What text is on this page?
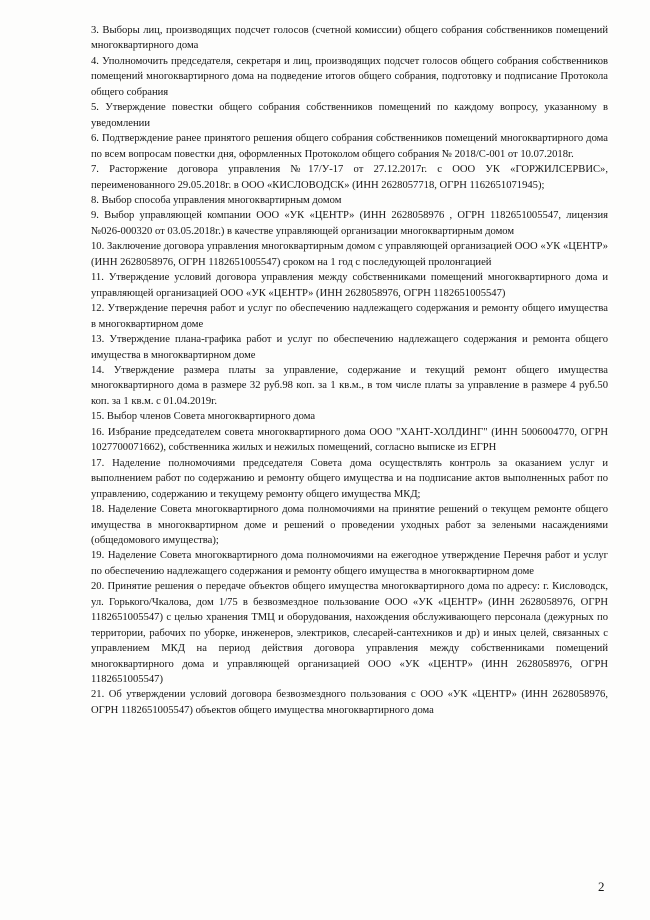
3. Выборы лиц, производящих подсчет голосов (счетной комиссии) общего собрания собственников помещений многоквартирного дома

4. Уполномочить председателя, секретаря и лиц, производящих подсчет голосов общего собрания собственников помещений многоквартирного дома на подведение итогов общего собрания, подготовку и подписание Протокола общего собрания

5. Утверждение повестки общего собрания собственников помещений по каждому вопросу, указанному в уведомлении

6. Подтверждение ранее принятого решения общего собрания собственников помещений многоквартирного дома по всем вопросам повестки дня, оформленных Протоколом общего собрания № 2018/С-001 от 10.07.2018г.

7. Расторжение договора управления №17/У-17 от 27.12.2017г. с ООО УК «ГОРЖИЛСЕРВИС», переименованного 29.05.2018г. в ООО «КИСЛОВОДСК» (ИНН 2628057718, ОГРН 1162651071945);

8. Выбор способа управления многоквартирным домом

9. Выбор управляющей компании ООО «УК «ЦЕНТР» (ИНН 2628058976 , ОГРН 1182651005547, лицензия №026-000320 от 03.05.2018г.) в качестве управляющей организации многоквартирным домом

10. Заключение договора управления многоквартирным домом с управляющей организацией ООО «УК «ЦЕНТР» (ИНН 2628058976, ОГРН 1182651005547) сроком на 1 год с последующей пролонгацией

11. Утверждение условий договора управления между собственниками помещений многоквартирного дома и управляющей организацией ООО «УК «ЦЕНТР» (ИНН 2628058976, ОГРН 1182651005547)

12. Утверждение перечня работ и услуг по обеспечению надлежащего содержания и ремонту общего имущества в многоквартирном доме

13. Утверждение плана-графика работ и услуг по обеспечению надлежащего содержания и ремонта общего имущества в многоквартирном доме

14. Утверждение размера платы за управление, содержание и текущий ремонт общего имущества многоквартирного дома в размере 32 руб.98 коп. за 1 кв.м., в том числе платы за управление в размере 4 руб.50 коп. за 1 кв.м. с 01.04.2019г.

15. Выбор членов Совета многоквартирного дома

16. Избрание председателем совета многоквартирного дома ООО "ХАНТ-ХОЛДИНГ" (ИНН 5006004770, ОГРН 1027700071662), собственника жилых и нежилых помещений, согласно выписке из ЕГРН

17. Наделение полномочиями председателя Совета дома осуществлять контроль за оказанием услуг и выполнением работ по содержанию и ремонту общего имущества и на подписание актов выполненных работ по управлению, содержанию и текущему ремонту общего имущества МКД;

18. Наделение Совета многоквартирного дома полномочиями на принятие решений о текущем ремонте общего имущества в многоквартирном доме и решений о проведении уходных работ за зелеными насаждениями (общедомового имущества);

19. Наделение Совета многоквартирного дома полномочиями на ежегодное утверждение Перечня работ и услуг по обеспечению надлежащего содержания и ремонту общего имущества в многоквартирном доме

20. Принятие решения о передаче объектов общего имущества многоквартирного дома по адресу: г. Кисловодск, ул. Горького/Чкалова, дом 1/75 в безвозмездное пользование ООО «УК «ЦЕНТР» (ИНН 2628058976, ОГРН 1182651005547) с целью хранения ТМЦ и оборудования, нахождения обслуживающего персонала (дежурных по территории, рабочих по уборке, инженеров, электриков, слесарей-сантехников и др) и иных целей, связанных с управлением МКД на период действия договора управления между собственниками помещений многоквартирного дома и управляющей организацией ООО «УК «ЦЕНТР» (ИНН 2628058976, ОГРН 1182651005547)

21. Об утверждении условий договора безвозмездного пользования с ООО «УК «ЦЕНТР» (ИНН 2628058976, ОГРН 1182651005547) объектов общего имущества многоквартирного дома

2
